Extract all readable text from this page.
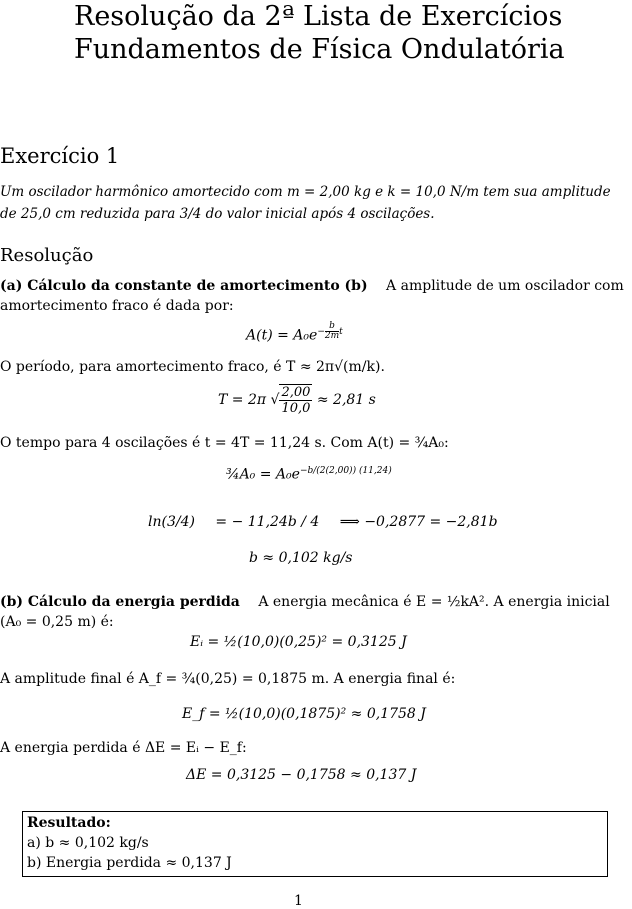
Resolução da 2ª Lista de Exercícios
Fundamentos de Física Ondulatória
Exercício 1
Um oscilador harmônico amortecido com m = 2,00 kg e k = 10,0 N/m tem sua amplitude de 25,0 cm reduzida para 3/4 do valor inicial após 4 oscilações.
Resolução
(a) Cálculo da constante de amortecimento (b) A amplitude de um oscilador com
amortecimento fraco é dada por:
$A(t) = A_0e^{- \frac{b}{2m}t}$
O período, para amortecimento fraco, é T ≈ 2π√(m/k).
T = 2π √ $\frac{2,00}{10,0} \approx 2,81$ s
O tempo para 4 oscilações é t = 4T = 11,24 s. Com A(t) = ¾A₀:
¾A₀ = $A_0e^{-b/(2(2,00)) (11,24)}$
ln(3/4) = − 11,24b / 4 ⟹ −0,2877 = −2,81b
b ≈ 0,102 kg/s
(b) Cálculo da energia perdida A energia mecânica é E = ½kA². A energia inicial
(A₀ = 0,25 m) é:
Eᵢ = ½(10,0)(0,25)² = 0,3125 J
A amplitude final é A_f = ¾(0,25) = 0,1875 m. A energia final é:
E_f = ½(10,0)(0,1875)² ≈ 0,1758 J
A energia perdida é ΔE = Eᵢ − E_f:
ΔE = 0,3125 − 0,1758 ≈ 0,137 J
Resultado:
a) b ≈ 0,102 kg/s
b) Energia perdida ≈ 0,137 J
1
